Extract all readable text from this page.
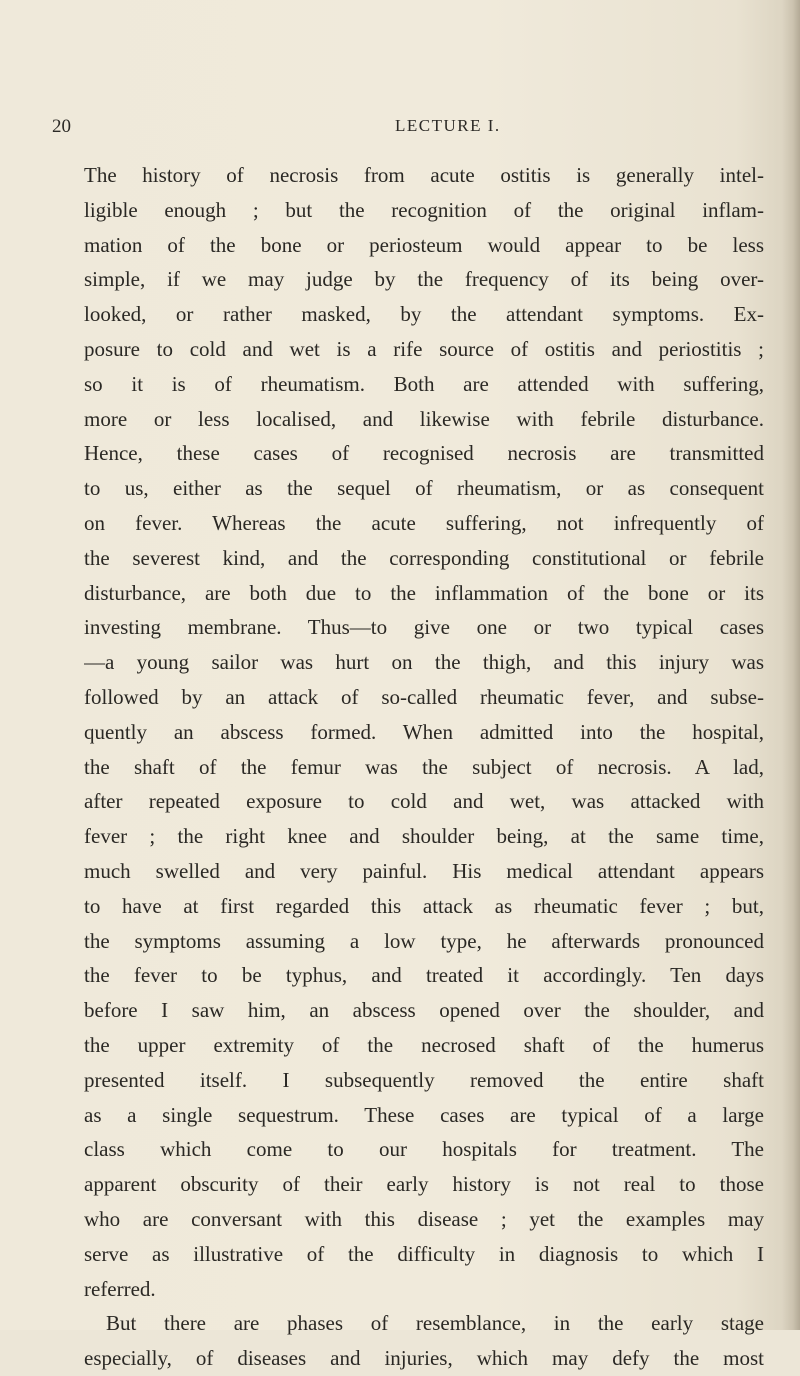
20	LECTURE I.
The history of necrosis from acute ostitis is generally intel-
ligible enough ; but the recognition of the original inflam-
mation of the bone or periosteum would appear to be less
simple, if we may judge by the frequency of its being over-
looked, or rather masked, by the attendant symptoms. Ex-
posure to cold and wet is a rife source of ostitis and periostitis ;
so it is of rheumatism. Both are attended with suffering,
more or less localised, and likewise with febrile disturbance.
Hence, these cases of recognised necrosis are transmitted
to us, either as the sequel of rheumatism, or as consequent
on fever. Whereas the acute suffering, not infrequently of
the severest kind, and the corresponding constitutional or febrile
disturbance, are both due to the inflammation of the bone or its
investing membrane. Thus—to give one or two typical cases
—a young sailor was hurt on the thigh, and this injury was
followed by an attack of so-called rheumatic fever, and subse-
quently an abscess formed. When admitted into the hospital,
the shaft of the femur was the subject of necrosis. A lad,
after repeated exposure to cold and wet, was attacked with
fever ; the right knee and shoulder being, at the same time,
much swelled and very painful. His medical attendant appears
to have at first regarded this attack as rheumatic fever ; but,
the symptoms assuming a low type, he afterwards pronounced
the fever to be typhus, and treated it accordingly. Ten days
before I saw him, an abscess opened over the shoulder, and
the upper extremity of the necrosed shaft of the humerus
presented itself. I subsequently removed the entire shaft
as a single sequestrum. These cases are typical of a large
class which come to our hospitals for treatment. The
apparent obscurity of their early history is not real to those
who are conversant with this disease ; yet the examples may
serve as illustrative of the difficulty in diagnosis to which I
referred.
But there are phases of resemblance, in the early stage
especially, of diseases and injuries, which may defy the most
